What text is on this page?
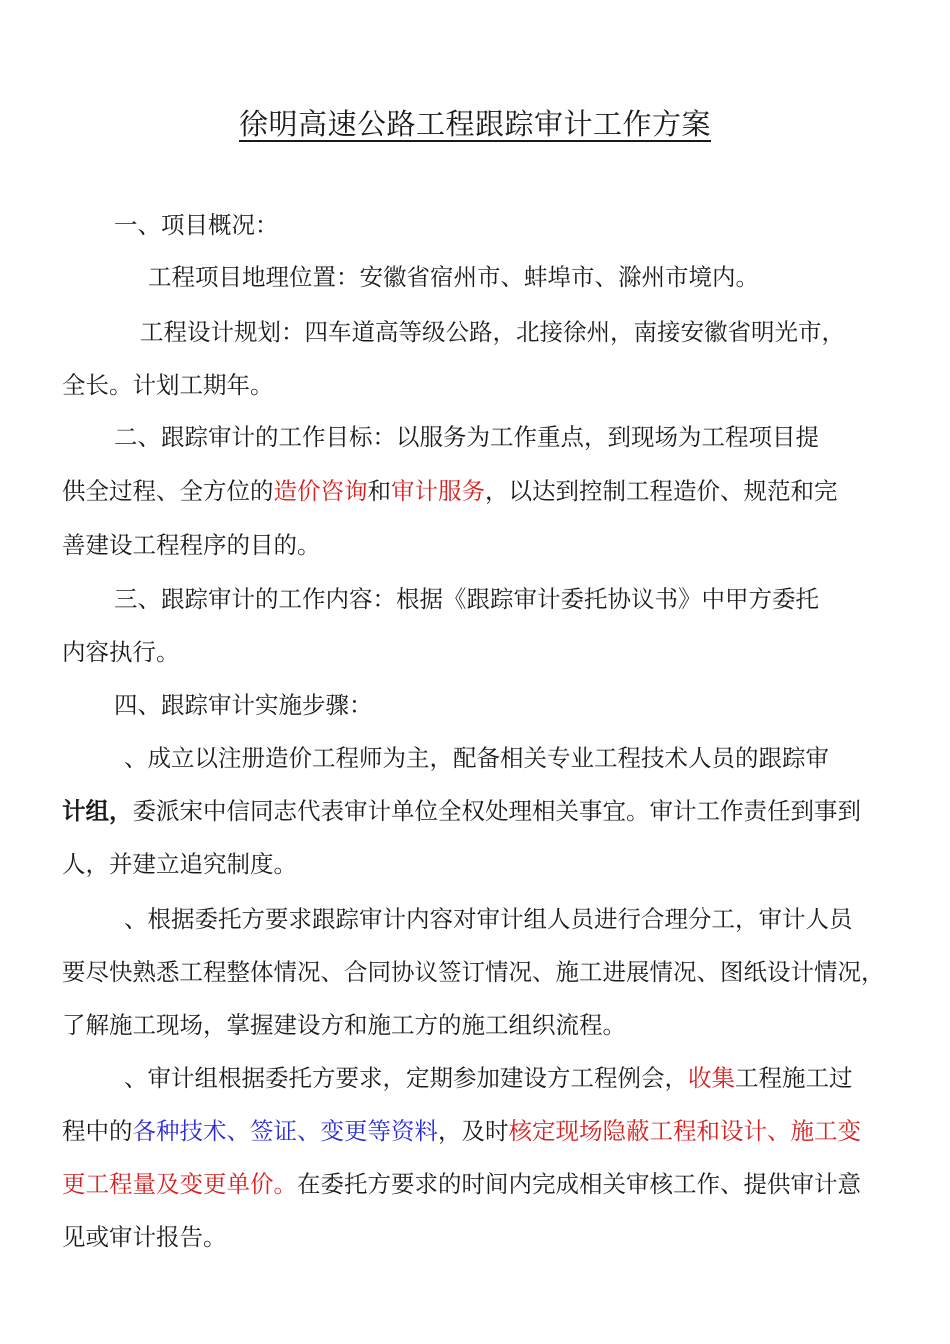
徐明高速公路工程跟踪审计工作方案
一、项目概况：
工程项目地理位置：安徽省宿州市、蚌埠市、滁州市境内。
工程设计规划：四车道高等级公路，北接徐州，南接安徽省明光市，
全长。计划工期年。
二、跟踪审计的工作目标：以服务为工作重点，到现场为工程项目提
供全过程、全方位的造价咨询和审计服务，以达到控制工程造价、规范和完
善建设工程程序的目的。
三、跟踪审计的工作内容：根据《跟踪审计委托协议书》中甲方委托
内容执行。
四、跟踪审计实施步骤：
、成立以注册造价工程师为主，配备相关专业工程技术人员的跟踪审
计组，委派宋中信同志代表审计单位全权处理相关事宜。审计工作责任到事到
人，并建立追究制度。
、根据委托方要求跟踪审计内容对审计组人员进行合理分工，审计人员
要尽快熟悉工程整体情况、合同协议签订情况、施工进展情况、图纸设计情况，
了解施工现场，掌握建设方和施工方的施工组织流程。
、审计组根据委托方要求，定期参加建设方工程例会，收集工程施工过
程中的各种技术、签证、变更等资料，及时核定现场隐蔽工程和设计、施工变
更工程量及变更单价。在委托方要求的时间内完成相关审核工作、提供审计意
见或审计报告。
